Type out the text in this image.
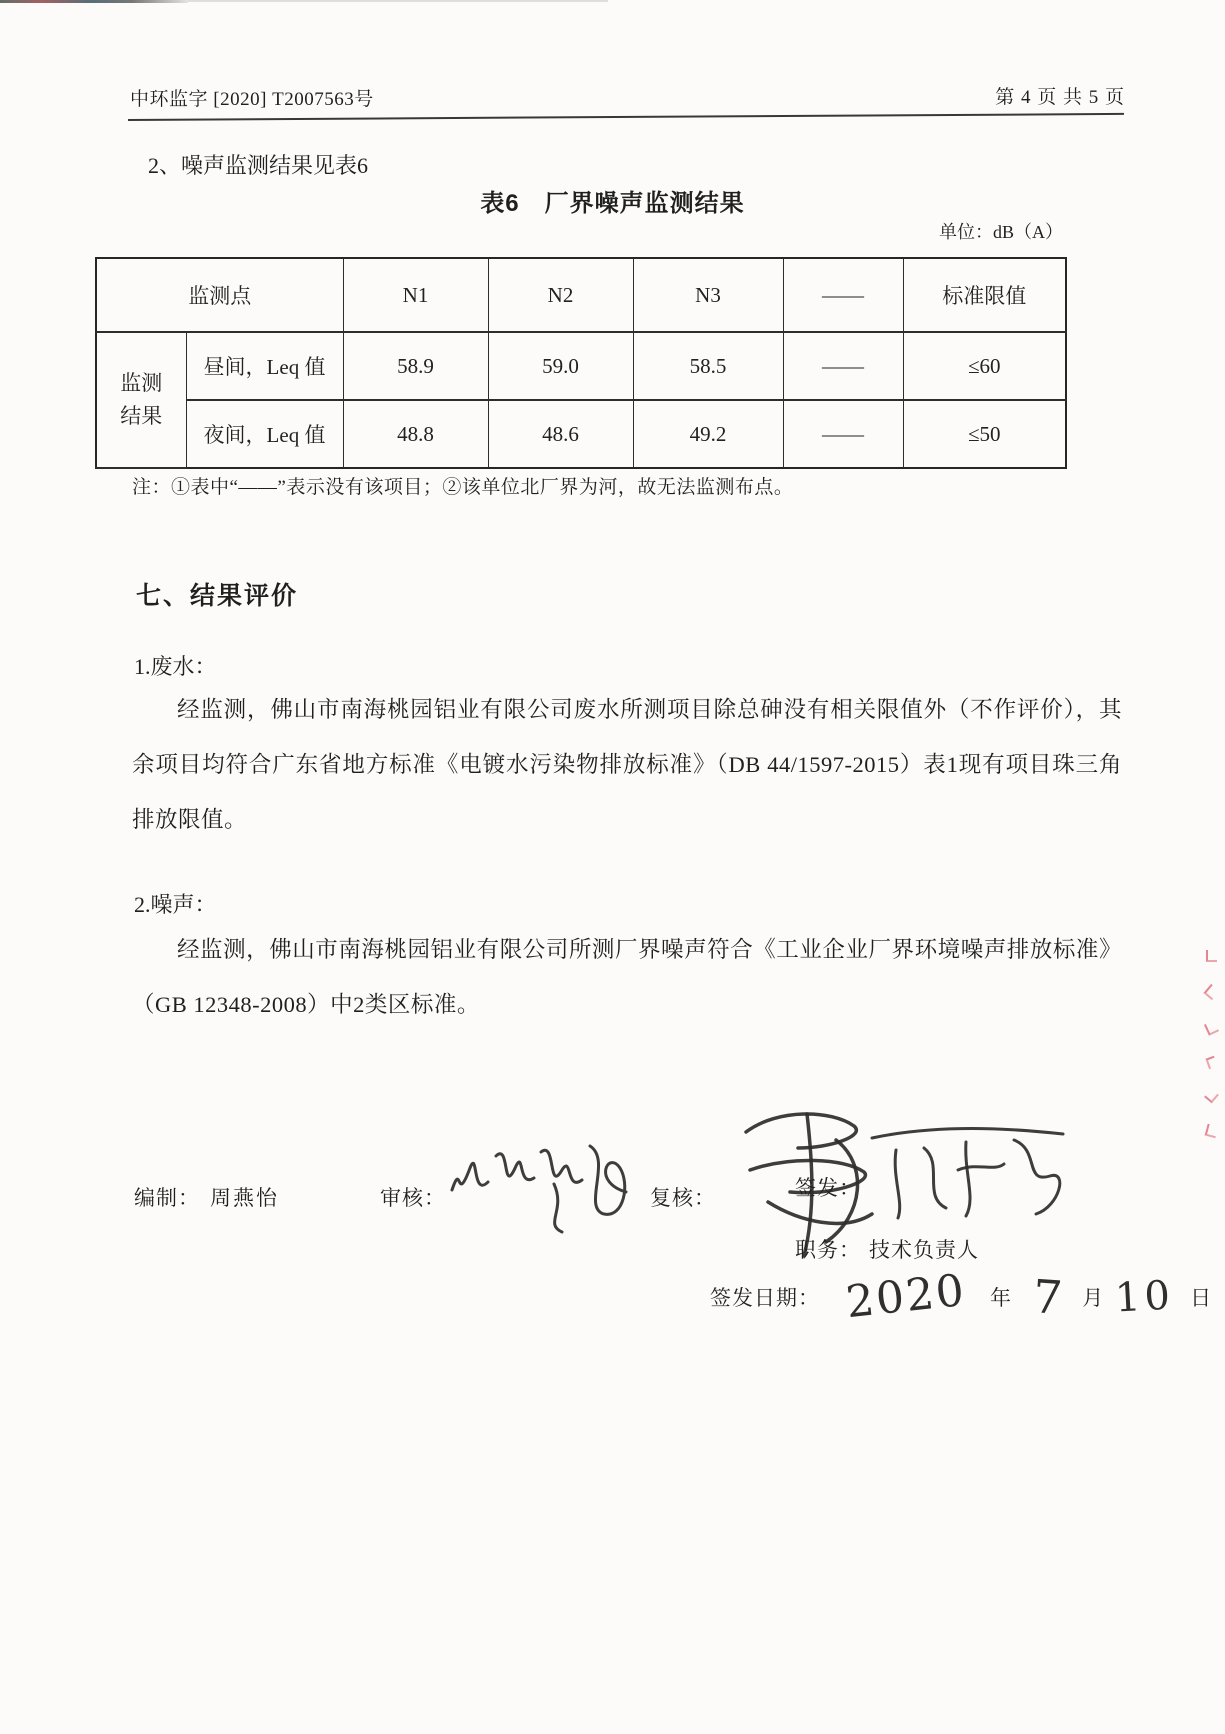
中环监字 [2020] T2007563号	第 4 页 共 5 页
2、噪声监测结果见表6
表6　厂界噪声监测结果
单位：dB（A）
监测点		N1	N2	N3	——	标准限值

监测
结果	昼间，Leq 值	58.9	59.0	58.5	——	≤60
	夜间，Leq 值	48.8	48.6	49.2	——	≤50
注：①表中“——”表示没有该项目；②该单位北厂界为河，故无法监测布点。
七、结果评价
1.废水：
经监测，佛山市南海桃园铝业有限公司废水所测项目除总砷没有相关限值外（不作评价），其余项目均符合广东省地方标准《电镀水污染物排放标准》（DB 44/1597-2015）表1现有项目珠三角排放限值。
2.噪声：
经监测，佛山市南海桃园铝业有限公司所测厂界噪声符合《工业企业厂界环境噪声排放标准》（GB 12348-2008）中2类区标准。
编制： 周燕怡	审核：	复核：	签发：
职务： 技术负责人
签发日期： 2020 年 7 月 10 日
